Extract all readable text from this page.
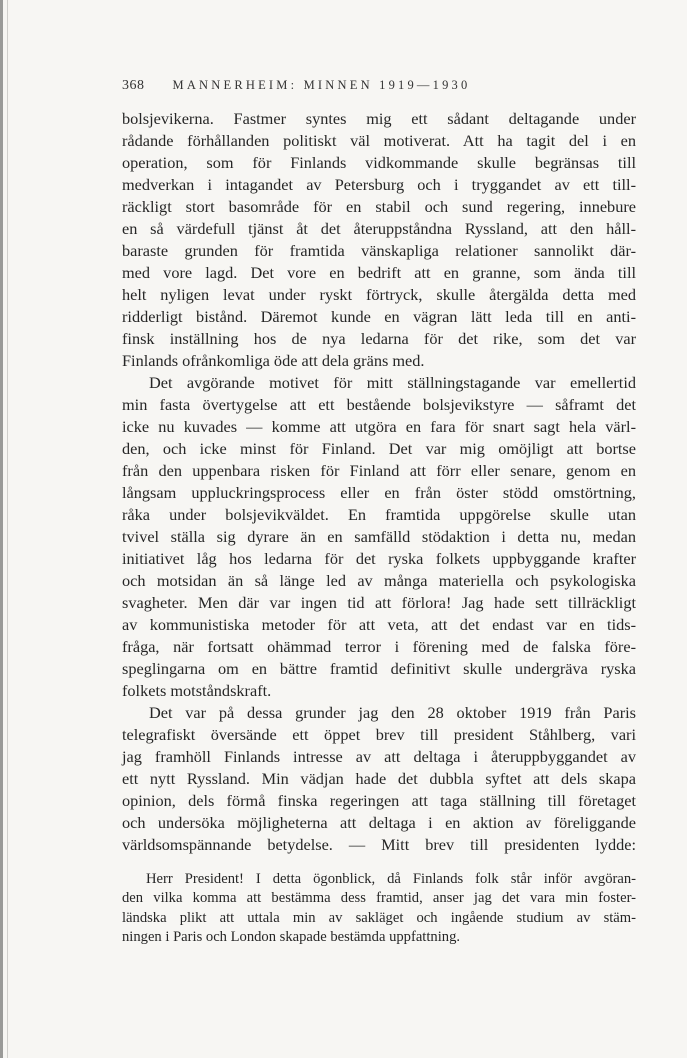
368 MANNERHEIM: MINNEN 1919—1930
bolsjevikerna. Fastmer syntes mig ett sådant deltagande under
rådande förhållanden politiskt väl motiverat. Att ha tagit del i en
operation, som för Finlands vidkommande skulle begränsas till
medverkan i intagandet av Petersburg och i tryggandet av ett till-
räckligt stort basområde för en stabil och sund regering, innebure
en så värdefull tjänst åt det återuppståndna Ryssland, att den håll-
baraste grunden för framtida vänskapliga relationer sannolikt där-
med vore lagd. Det vore en bedrift att en granne, som ända till
helt nyligen levat under ryskt förtryck, skulle återgälda detta med
ridderligt bistånd. Däremot kunde en vägran lätt leda till en anti-
finsk inställning hos de nya ledarna för det rike, som det var
Finlands ofrånkomliga öde att dela gräns med.
Det avgörande motivet för mitt ställningstagande var emellertid
min fasta övertygelse att ett bestående bolsjevikstyre — såframt det
icke nu kuvades — komme att utgöra en fara för snart sagt hela värl-
den, och icke minst för Finland. Det var mig omöjligt att bortse
från den uppenbara risken för Finland att förr eller senare, genom en
långsam uppluckringsprocess eller en från öster stödd omstörtning,
råka under bolsjevikväldet. En framtida uppgörelse skulle utan
tvivel ställa sig dyrare än en samfälld stödaktion i detta nu, medan
initiativet låg hos ledarna för det ryska folkets uppbyggande krafter
och motsidan än så länge led av många materiella och psykologiska
svagheter. Men där var ingen tid att förlora! Jag hade sett tillräckligt
av kommunistiska metoder för att veta, att det endast var en tids-
fråga, när fortsatt ohämmad terror i förening med de falska före-
speglingarna om en bättre framtid definitivt skulle undergräva ryska
folkets motståndskraft.
Det var på dessa grunder jag den 28 oktober 1919 från Paris
telegrafiskt översände ett öppet brev till president Ståhlberg, vari
jag framhöll Finlands intresse av att deltaga i återuppbyggandet av
ett nytt Ryssland. Min vädjan hade det dubbla syftet att dels skapa
opinion, dels förmå finska regeringen att taga ställning till företaget
och undersöka möjligheterna att deltaga i en aktion av föreliggande
världsomspännande betydelse. — Mitt brev till presidenten lydde:
Herr President! I detta ögonblick, då Finlands folk står inför avgöran-
den vilka komma att bestämma dess framtid, anser jag det vara min foster-
ländska plikt att uttala min av sakläget och ingående studium av stäm-
ningen i Paris och London skapade bestämda uppfattning.
